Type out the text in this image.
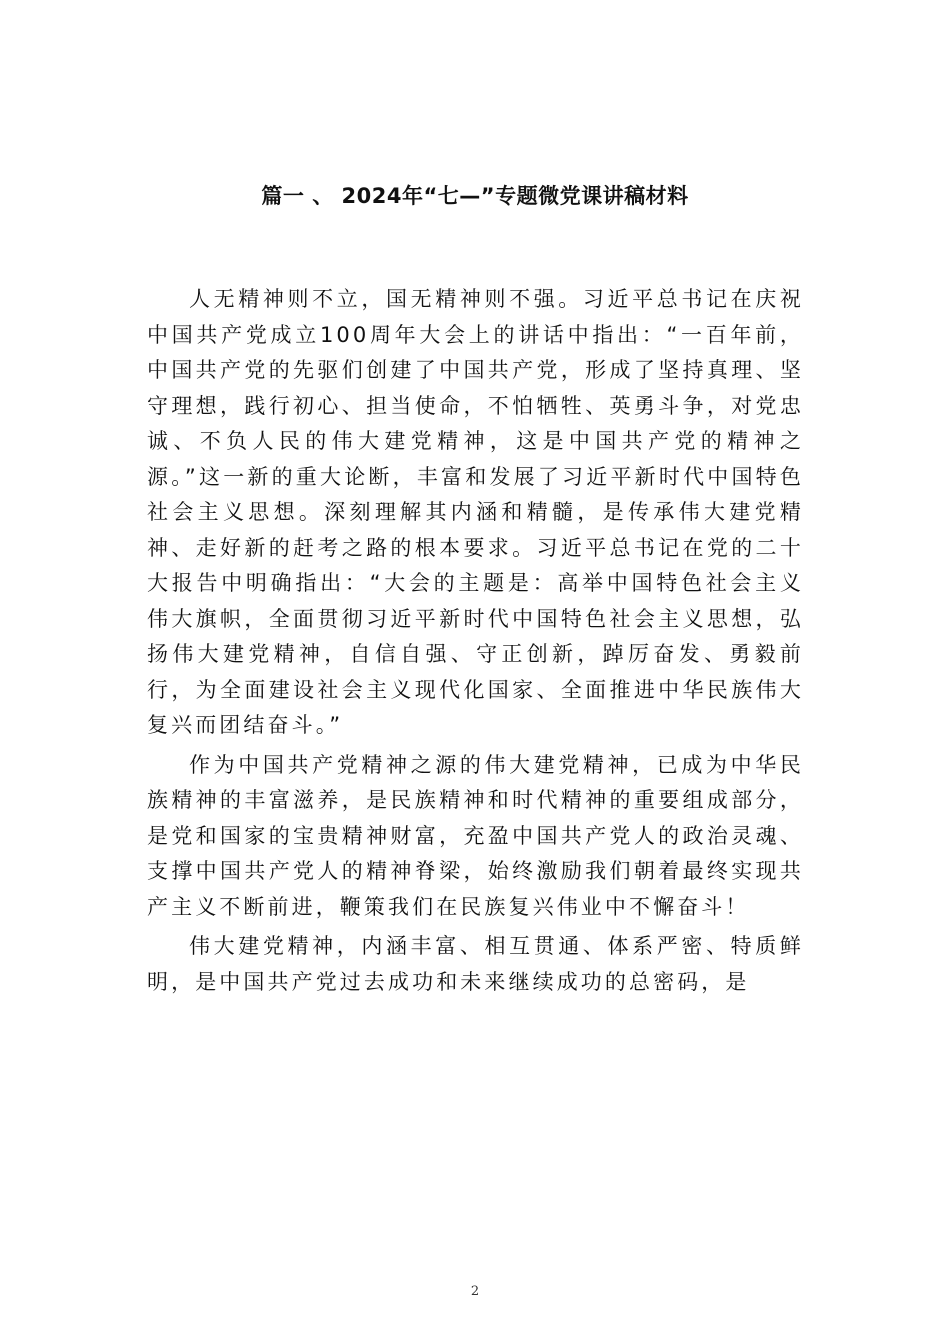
篇一 、 2024年“七—”专题微党课讲稿材料

人无精神则不立，国无精神则不强。习近平总书记在庆祝中国共产党成立100周年大会上的讲话中指出：“一百年前，中国共产党的先驱们创建了中国共产党，形成了坚持真理、坚守理想，践行初心、担当使命，不怕牺牲、英勇斗争，对党忠诚、不负人民的伟大建党精神，这是中国共产党的精神之源。”这一新的重大论断，丰富和发展了习近平新时代中国特色社会主义思想。深刻理解其内涵和精髓，是传承伟大建党精神、走好新的赶考之路的根本要求。习近平总书记在党的二十大报告中明确指出：“大会的主题是：高举中国特色社会主义伟大旗帜，全面贯彻习近平新时代中国特色社会主义思想，弘扬伟大建党精神，自信自强、守正创新，踔厉奋发、勇毅前行，为全面建设社会主义现代化国家、全面推进中华民族伟大复兴而团结奋斗。”

作为中国共产党精神之源的伟大建党精神，已成为中华民族精神的丰富滋养，是民族精神和时代精神的重要组成部分，是党和国家的宝贵精神财富，充盈中国共产党人的政治灵魂、支撑中国共产党人的精神脊梁，始终激励我们朝着最终实现共产主义不断前进，鞭策我们在民族复兴伟业中不懈奋斗！

伟大建党精神，内涵丰富、相互贯通、体系严密、特质鲜明，是中国共产党过去成功和未来继续成功的总密码，是

2
